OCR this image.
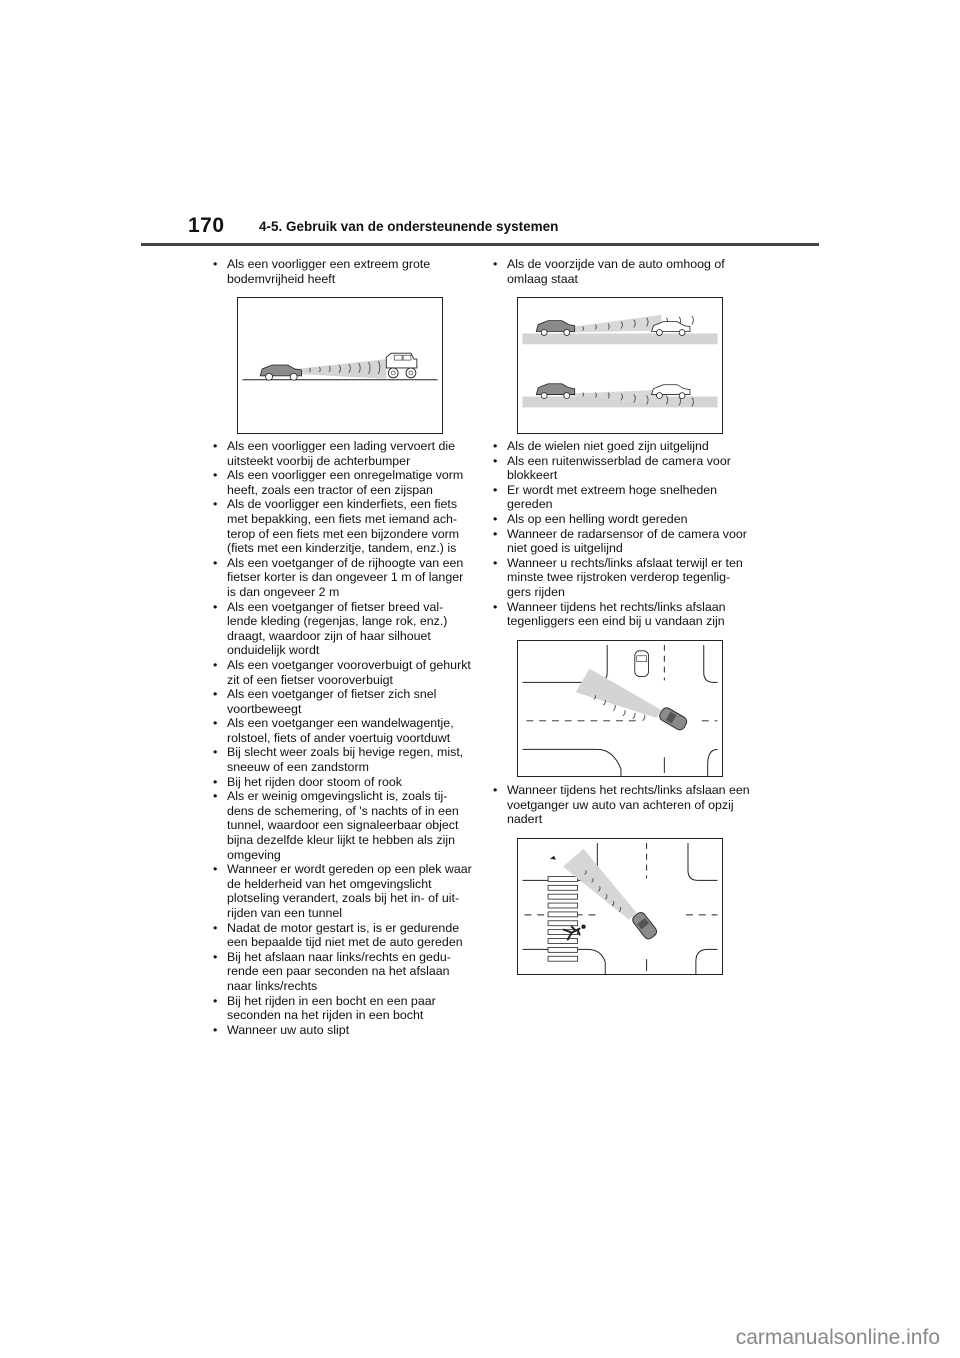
170	4-5. Gebruik van de ondersteunende systemen
• Als een voorligger een extreem grote bodemvrijheid heeft
• Als een voorligger een lading vervoert die uitsteekt voorbij de achterbumper
• Als een voorligger een onregelmatige vorm heeft, zoals een tractor of een zijspan
• Als de voorligger een kinderfiets, een fiets met bepakking, een fiets met iemand ach-terop of een fiets met een bijzondere vorm (fiets met een kinderzitje, tandem, enz.) is
• Als een voetganger of de rijhoogte van een fietser korter is dan ongeveer 1 m of langer is dan ongeveer 2 m
• Als een voetganger of fietser breed val-lende kleding (regenjas, lange rok, enz.) draagt, waardoor zijn of haar silhouet onduidelijk wordt
• Als een voetganger vooroverbuigt of gehurkt zit of een fietser vooroverbuigt
• Als een voetganger of fietser zich snel voortbeweegt
• Als een voetganger een wandelwagentje, rolstoel, fiets of ander voertuig voortduwt
• Bij slecht weer zoals bij hevige regen, mist, sneeuw of een zandstorm
• Bij het rijden door stoom of rook
• Als er weinig omgevingslicht is, zoals tij-dens de schemering, of 's nachts of in een tunnel, waardoor een signaleerbaar object bijna dezelfde kleur lijkt te hebben als zijn omgeving
• Wanneer er wordt gereden op een plek waar de helderheid van het omgevingslicht plotseling verandert, zoals bij het in- of uit-rijden van een tunnel
• Nadat de motor gestart is, is er gedurende een bepaalde tijd niet met de auto gereden
• Bij het afslaan naar links/rechts en gedu-rende een paar seconden na het afslaan naar links/rechts
• Bij het rijden in een bocht en een paar seconden na het rijden in een bocht
• Wanneer uw auto slipt
• Als de voorzijde van de auto omhoog of omlaag staat
• Als de wielen niet goed zijn uitgelijnd
• Als een ruitenwisserblad de camera voor blokkeert
• Er wordt met extreem hoge snelheden gereden
• Als op een helling wordt gereden
• Wanneer de radarsensor of de camera voor niet goed is uitgelijnd
• Wanneer u rechts/links afslaat terwijl er ten minste twee rijstroken verderop tegenlig-gers rijden
• Wanneer tijdens het rechts/links afslaan tegenliggers een eind bij u vandaan zijn
• Wanneer tijdens het rechts/links afslaan een voetganger uw auto van achteren of opzij nadert
carmanualsonline.info
